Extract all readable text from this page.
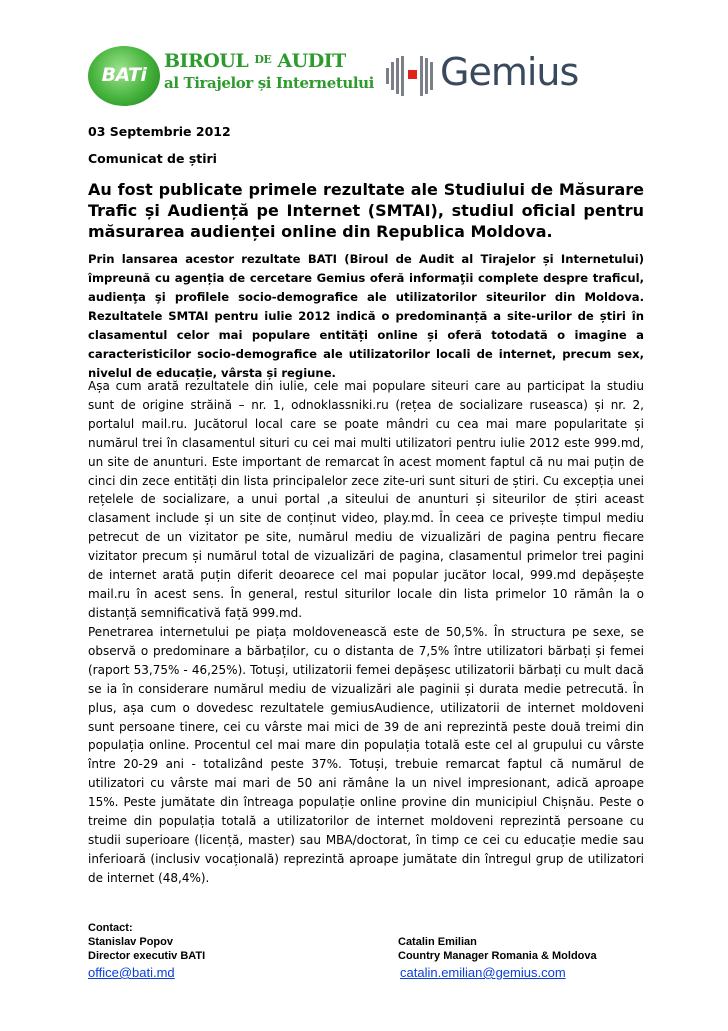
BATi
BIROUL $^{DE}$ AUDIT
al Tirajelor și Internetului Gemius
03 Septembrie 2012
Comunicat de știri

Au fost publicate primele rezultate ale Studiului de Măsurare Trafic și Audiență pe Internet (SMTAI), studiul oficial pentru măsurarea audienței online din Republica Moldova.

Prin lansarea acestor rezultate BATI (Biroul de Audit al Tirajelor și Internetului) împreună cu agenția de cercetare Gemius oferă informaţii complete despre traficul, audienţa şi profilele socio-demografice ale utilizatorilor siteurilor din Moldova. Rezultatele SMTAI pentru iulie 2012 indică o predominanță a site-urilor de știri în clasamentul celor mai populare entități online și oferă totodată o imagine a caracteristicilor socio-demografice ale utilizatorilor locali de internet, precum sex, nivelul de educație, vârsta și regiune.

Așa cum arată rezultatele din iulie, cele mai populare siteuri care au participat la studiu sunt de origine străină – nr. 1, odnoklassniki.ru (rețea de socializare ruseasca) și nr. 2, portalul mail.ru. Jucătorul local care se poate mândri cu cea mai mare popularitate și numărul trei în clasamentul situri cu cei mai multi utilizatori pentru iulie 2012 este 999.md, un site de anunturi. Este important de remarcat în acest moment faptul că nu mai puțin de cinci din zece entități din lista principalelor zece zite-uri sunt situri de știri. Cu excepția unei rețelele de socializare, a unui portal ,a siteului de anunturi și siteurilor de știri aceast clasament include și un site de conținut video, play.md. În ceea ce privește timpul mediu petrecut de un vizitator pe site, numărul mediu de vizualizări de pagina pentru fiecare vizitator precum și numărul total de vizualizări de pagina, clasamentul primelor trei pagini de internet arată puțin diferit deoarece cel mai popular jucător local, 999.md depășește mail.ru în acest sens. În general, restul siturilor locale din lista primelor 10 rămân la o distanță semnificativă față 999.md.

Penetrarea internetului pe piața moldovenească este de 50,5%. În structura pe sexe, se observă o predominare a bărbaților, cu o distanta de 7,5% între utilizatori bărbați și femei (raport 53,75% - 46,25%). Totuși, utilizatorii femei depășesc utilizatorii bărbați cu mult dacă se ia în considerare numărul mediu de vizualizări ale paginii și durata medie petrecută. În plus, așa cum o dovedesc rezultatele gemiusAudience, utilizatorii de internet moldoveni sunt persoane tinere, cei cu vârste mai mici de 39 de ani reprezintă peste două treimi din populația online. Procentul cel mai mare din populația totală este cel al grupului cu vârste între 20-29 ani - totalizând peste 37%. Totuși, trebuie remarcat faptul că numărul de utilizatori cu vârste mai mari de 50 ani rămâne la un nivel impresionant, adică aproape 15%. Peste jumătate din întreaga populație online provine din municipiul Chișnău. Peste o treime din populația totală a utilizatorilor de internet moldoveni reprezintă persoane cu studii superioare (licență, master) sau MBA/doctorat, în timp ce cei cu educație medie sau inferioară (inclusiv vocațională) reprezintă aproape jumătate din întregul grup de utilizatori de internet (48,4%).

Contact:
Stanislav Popov
Director executiv BATI
office@bati.md
Catalin Emilian
Country Manager Romania & Moldova
catalin.emilian@gemius.com
